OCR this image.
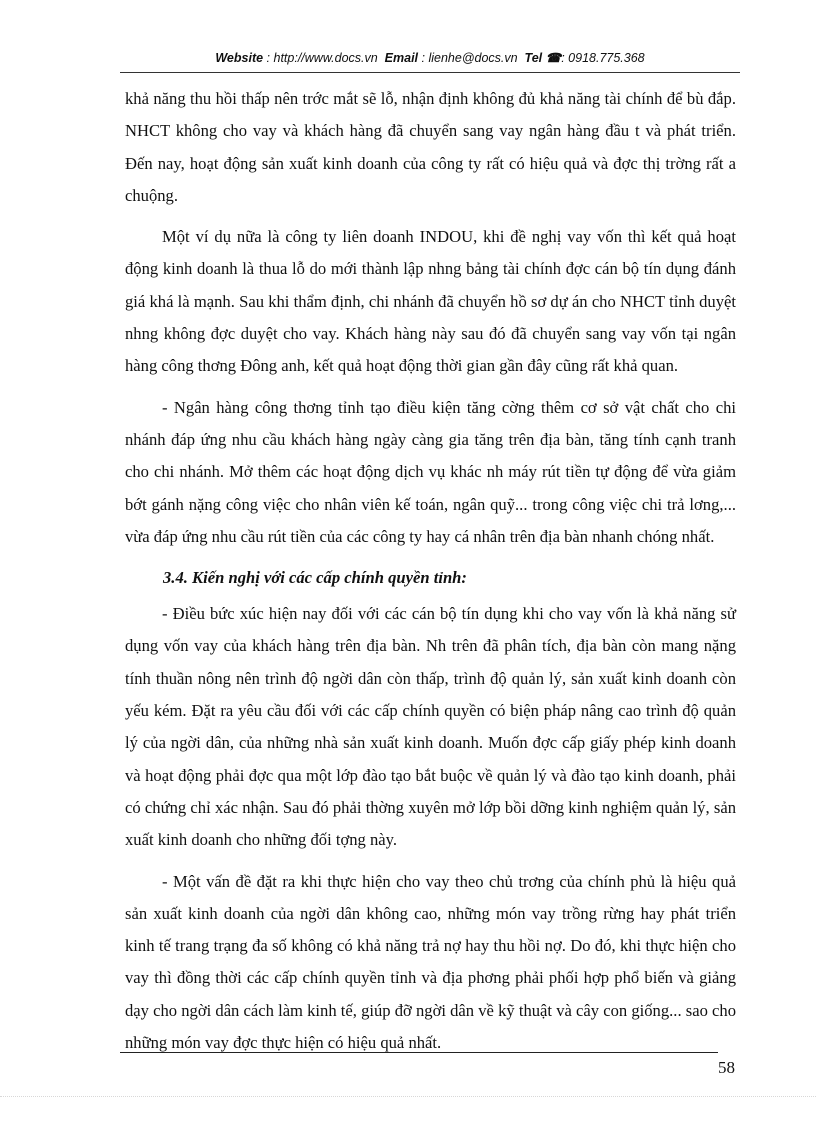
Website : http://www.docs.vn Email : lienhe@docs.vn Tel ☎: 0918.775.368

khả năng thu hồi thấp nên trớc mắt sẽ lỗ, nhận định không đủ khả năng tài chính để bù đắp. NHCT không cho vay và khách hàng đã chuyển sang vay ngân hàng đầu t và phát triển. Đến nay, hoạt động sản xuất kinh doanh của công ty rất có hiệu quả và đợc thị trờng rất a chuộng.

Một ví dụ nữa là công ty liên doanh INDOU, khi đề nghị vay vốn thì kết quả hoạt động kinh doanh là thua lỗ do mới thành lập nhng bảng tài chính đợc cán bộ tín dụng đánh giá khá là mạnh. Sau khi thẩm định, chi nhánh đã chuyển hồ sơ dự án cho NHCT tỉnh duyệt nhng không đợc duyệt cho vay. Khách hàng này sau đó đã chuyển sang vay vốn tại ngân hàng công thơng Đông anh, kết quả hoạt động thời gian gần đây cũng rất khả quan.

- Ngân hàng công thơng tỉnh tạo điều kiện tăng cờng thêm cơ sở vật chất cho chi nhánh đáp ứng nhu cầu khách hàng ngày càng gia tăng trên địa bàn, tăng tính cạnh tranh cho chi nhánh. Mở thêm các hoạt động dịch vụ khác nh máy rút tiền tự động để vừa giảm bớt gánh nặng công việc cho nhân viên kế toán, ngân quỹ... trong công việc chi trả lơng,... vừa đáp ứng nhu cầu rút tiền của các công ty hay cá nhân trên địa bàn nhanh chóng nhất.

3.4. Kiến nghị với các cấp chính quyền tỉnh:

- Điều bức xúc hiện nay đối với các cán bộ tín dụng khi cho vay vốn là khả năng sử dụng vốn vay của khách hàng trên địa bàn. Nh trên đã phân tích, địa bàn còn mang nặng tính thuần nông nên trình độ ngời dân còn thấp, trình độ quản lý, sản xuất kinh doanh còn yếu kém. Đặt ra yêu cầu đối với các cấp chính quyền có biện pháp nâng cao trình độ quản lý của ngời dân, của những nhà sản xuất kinh doanh. Muốn đợc cấp giấy phép kinh doanh và hoạt động phải đợc qua một lớp đào tạo bắt buộc về quản lý và đào tạo kinh doanh, phải có chứng chỉ xác nhận. Sau đó phải thờng xuyên mở lớp bồi dỡng kinh nghiệm quản lý, sản xuất kinh doanh cho những đối tợng này.

- Một vấn đề đặt ra khi thực hiện cho vay theo chủ trơng của chính phủ là hiệu quả sản xuất kinh doanh của ngời dân không cao, những món vay trồng rừng hay phát triển kinh tế trang trạng đa số không có khả năng trả nợ hay thu hồi nợ. Do đó, khi thực hiện cho vay thì đồng thời các cấp chính quyền tỉnh và địa phơng phải phối hợp phổ biến và giảng dạy cho ngời dân cách làm kinh tế, giúp đỡ ngời dân về kỹ thuật và cây con giống... sao cho những món vay đợc thực hiện có hiệu quả nhất.

58
